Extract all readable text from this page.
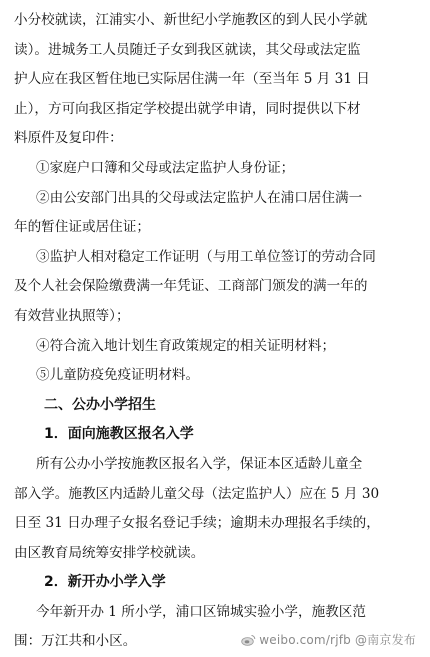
小分校就读，江浦实小、新世纪小学施教区的到人民小学就
读）。进城务工人员随迁子女到我区就读，其父母或法定监
护人应在我区暂住地已实际居住满一年（至当年 5 月 31 日
止），方可向我区指定学校提出就学申请，同时提供以下材
料原件及复印件：
①家庭户口簿和父母或法定监护人身份证；
②由公安部门出具的父母或法定监护人在浦口居住满一
年的暂住证或居住证；
③监护人相对稳定工作证明（与用工单位签订的劳动合同
及个人社会保险缴费满一年凭证、工商部门颁发的满一年的
有效营业执照等）；
④符合流入地计划生育政策规定的相关证明材料；
⑤儿童防疫免疫证明材料。
二、公办小学招生
1．面向施教区报名入学
所有公办小学按施教区报名入学，保证本区适龄儿童全
部入学。施教区内适龄儿童父母（法定监护人）应在 5 月 30
日至 31 日办理子女报名登记手续；逾期未办理报名手续的，
由区教育局统筹安排学校就读。
2．新开办小学入学
今年新开办 1 所小学，浦口区锦城实验小学，施教区范
围：万江共和小区。	weibo.com/rjfb @南京发布
